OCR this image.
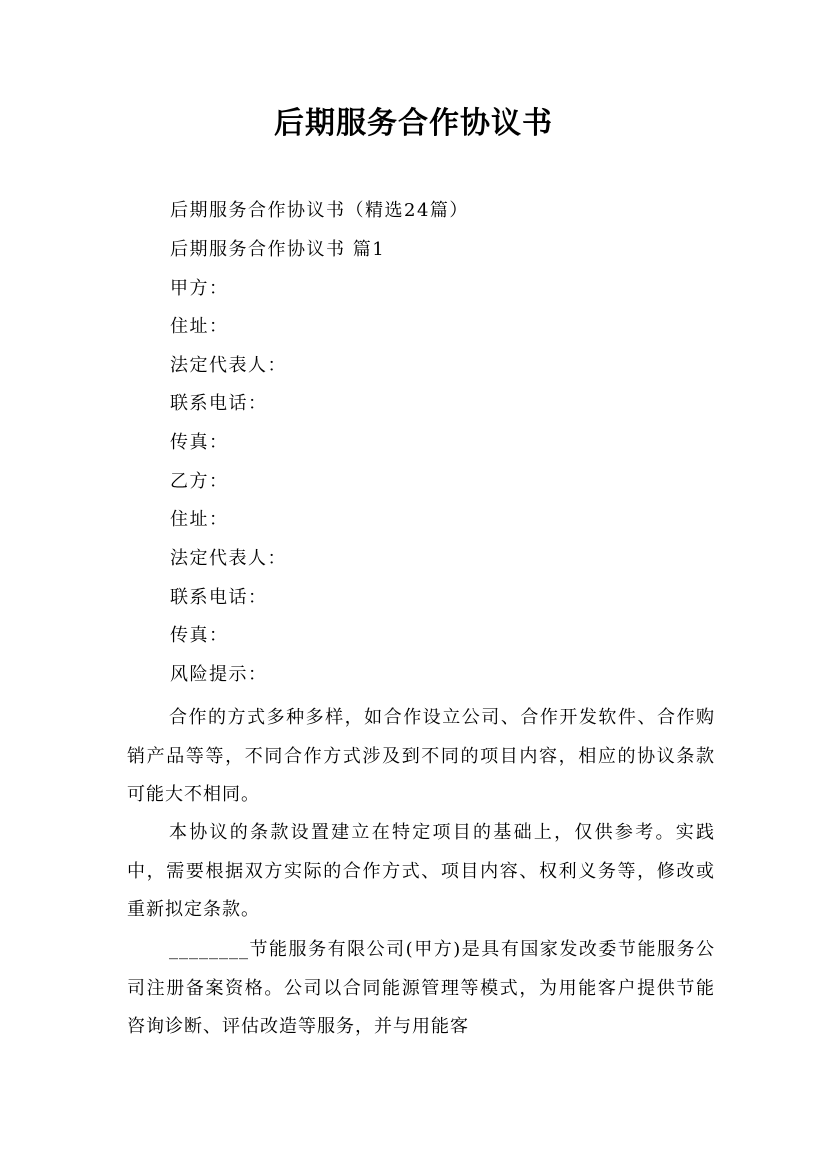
后期服务合作协议书
后期服务合作协议书（精选24篇）
后期服务合作协议书 篇1
甲方：
住址：
法定代表人：
联系电话：
传真：
乙方：
住址：
法定代表人：
联系电话：
传真：
风险提示：
合作的方式多种多样，如合作设立公司、合作开发软件、合作购销产品等等，不同合作方式涉及到不同的项目内容，相应的协议条款可能大不相同。
本协议的条款设置建立在特定项目的基础上，仅供参考。实践中，需要根据双方实际的合作方式、项目内容、权利义务等，修改或重新拟定条款。
________节能服务有限公司(甲方)是具有国家发改委节能服务公司注册备案资格。公司以合同能源管理等模式，为用能客户提供节能咨询诊断、评估改造等服务，并与用能客
